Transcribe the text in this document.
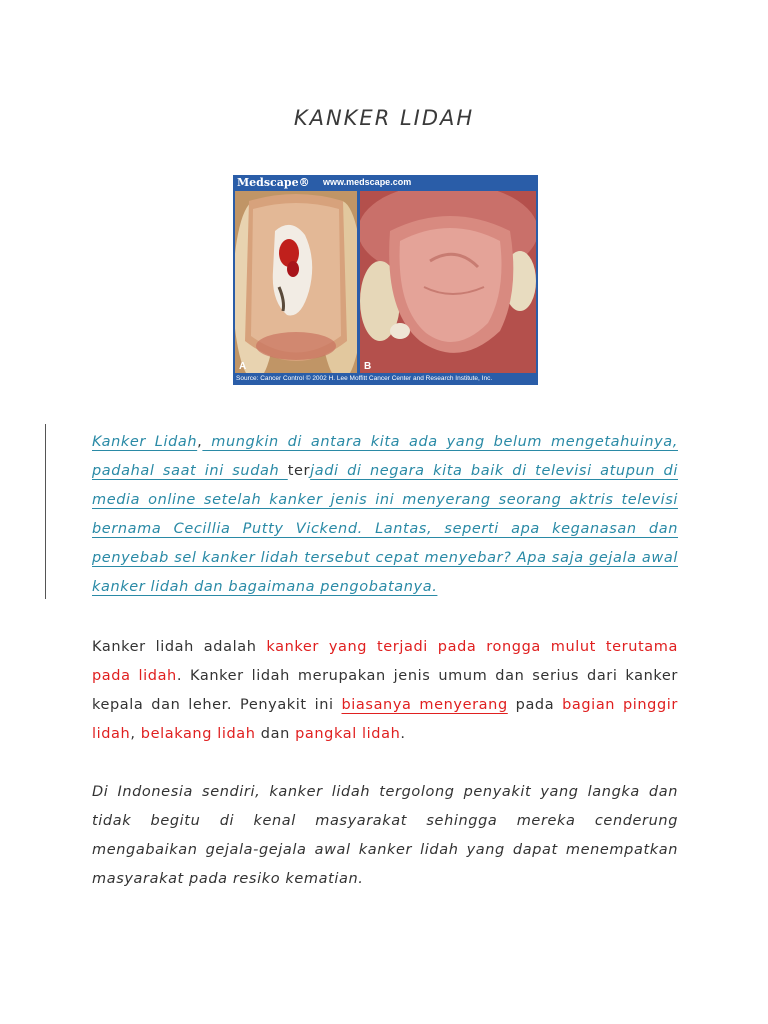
KANKER LIDAH
Medscape® www.medscape.com
A	B
Source: Cancer Control © 2002 H. Lee Moffitt Cancer Center and Research Institute, Inc.
Kanker Lidah, mungkin di antara kita ada yang belum mengetahuinya, padahal saat ini sudah terjadi di negara kita baik di televisi atupun di media online setelah kanker jenis ini menyerang seorang aktris televisi bernama Cecillia Putty Vickend. Lantas, seperti apa keganasan dan penyebab sel kanker lidah tersebut cepat menyebar? Apa saja gejala awal kanker lidah dan bagaimana pengobatanya.
Kanker lidah adalah kanker yang terjadi pada rongga mulut terutama pada lidah. Kanker lidah merupakan jenis umum dan serius dari kanker kepala dan leher. Penyakit ini biasanya menyerang pada bagian pinggir lidah, belakang lidah dan pangkal lidah.
Di Indonesia sendiri, kanker lidah tergolong penyakit yang langka dan tidak begitu di kenal masyarakat sehingga mereka cenderung mengabaikan gejala-gejala awal kanker lidah yang dapat menempatkan masyarakat pada resiko kematian.
